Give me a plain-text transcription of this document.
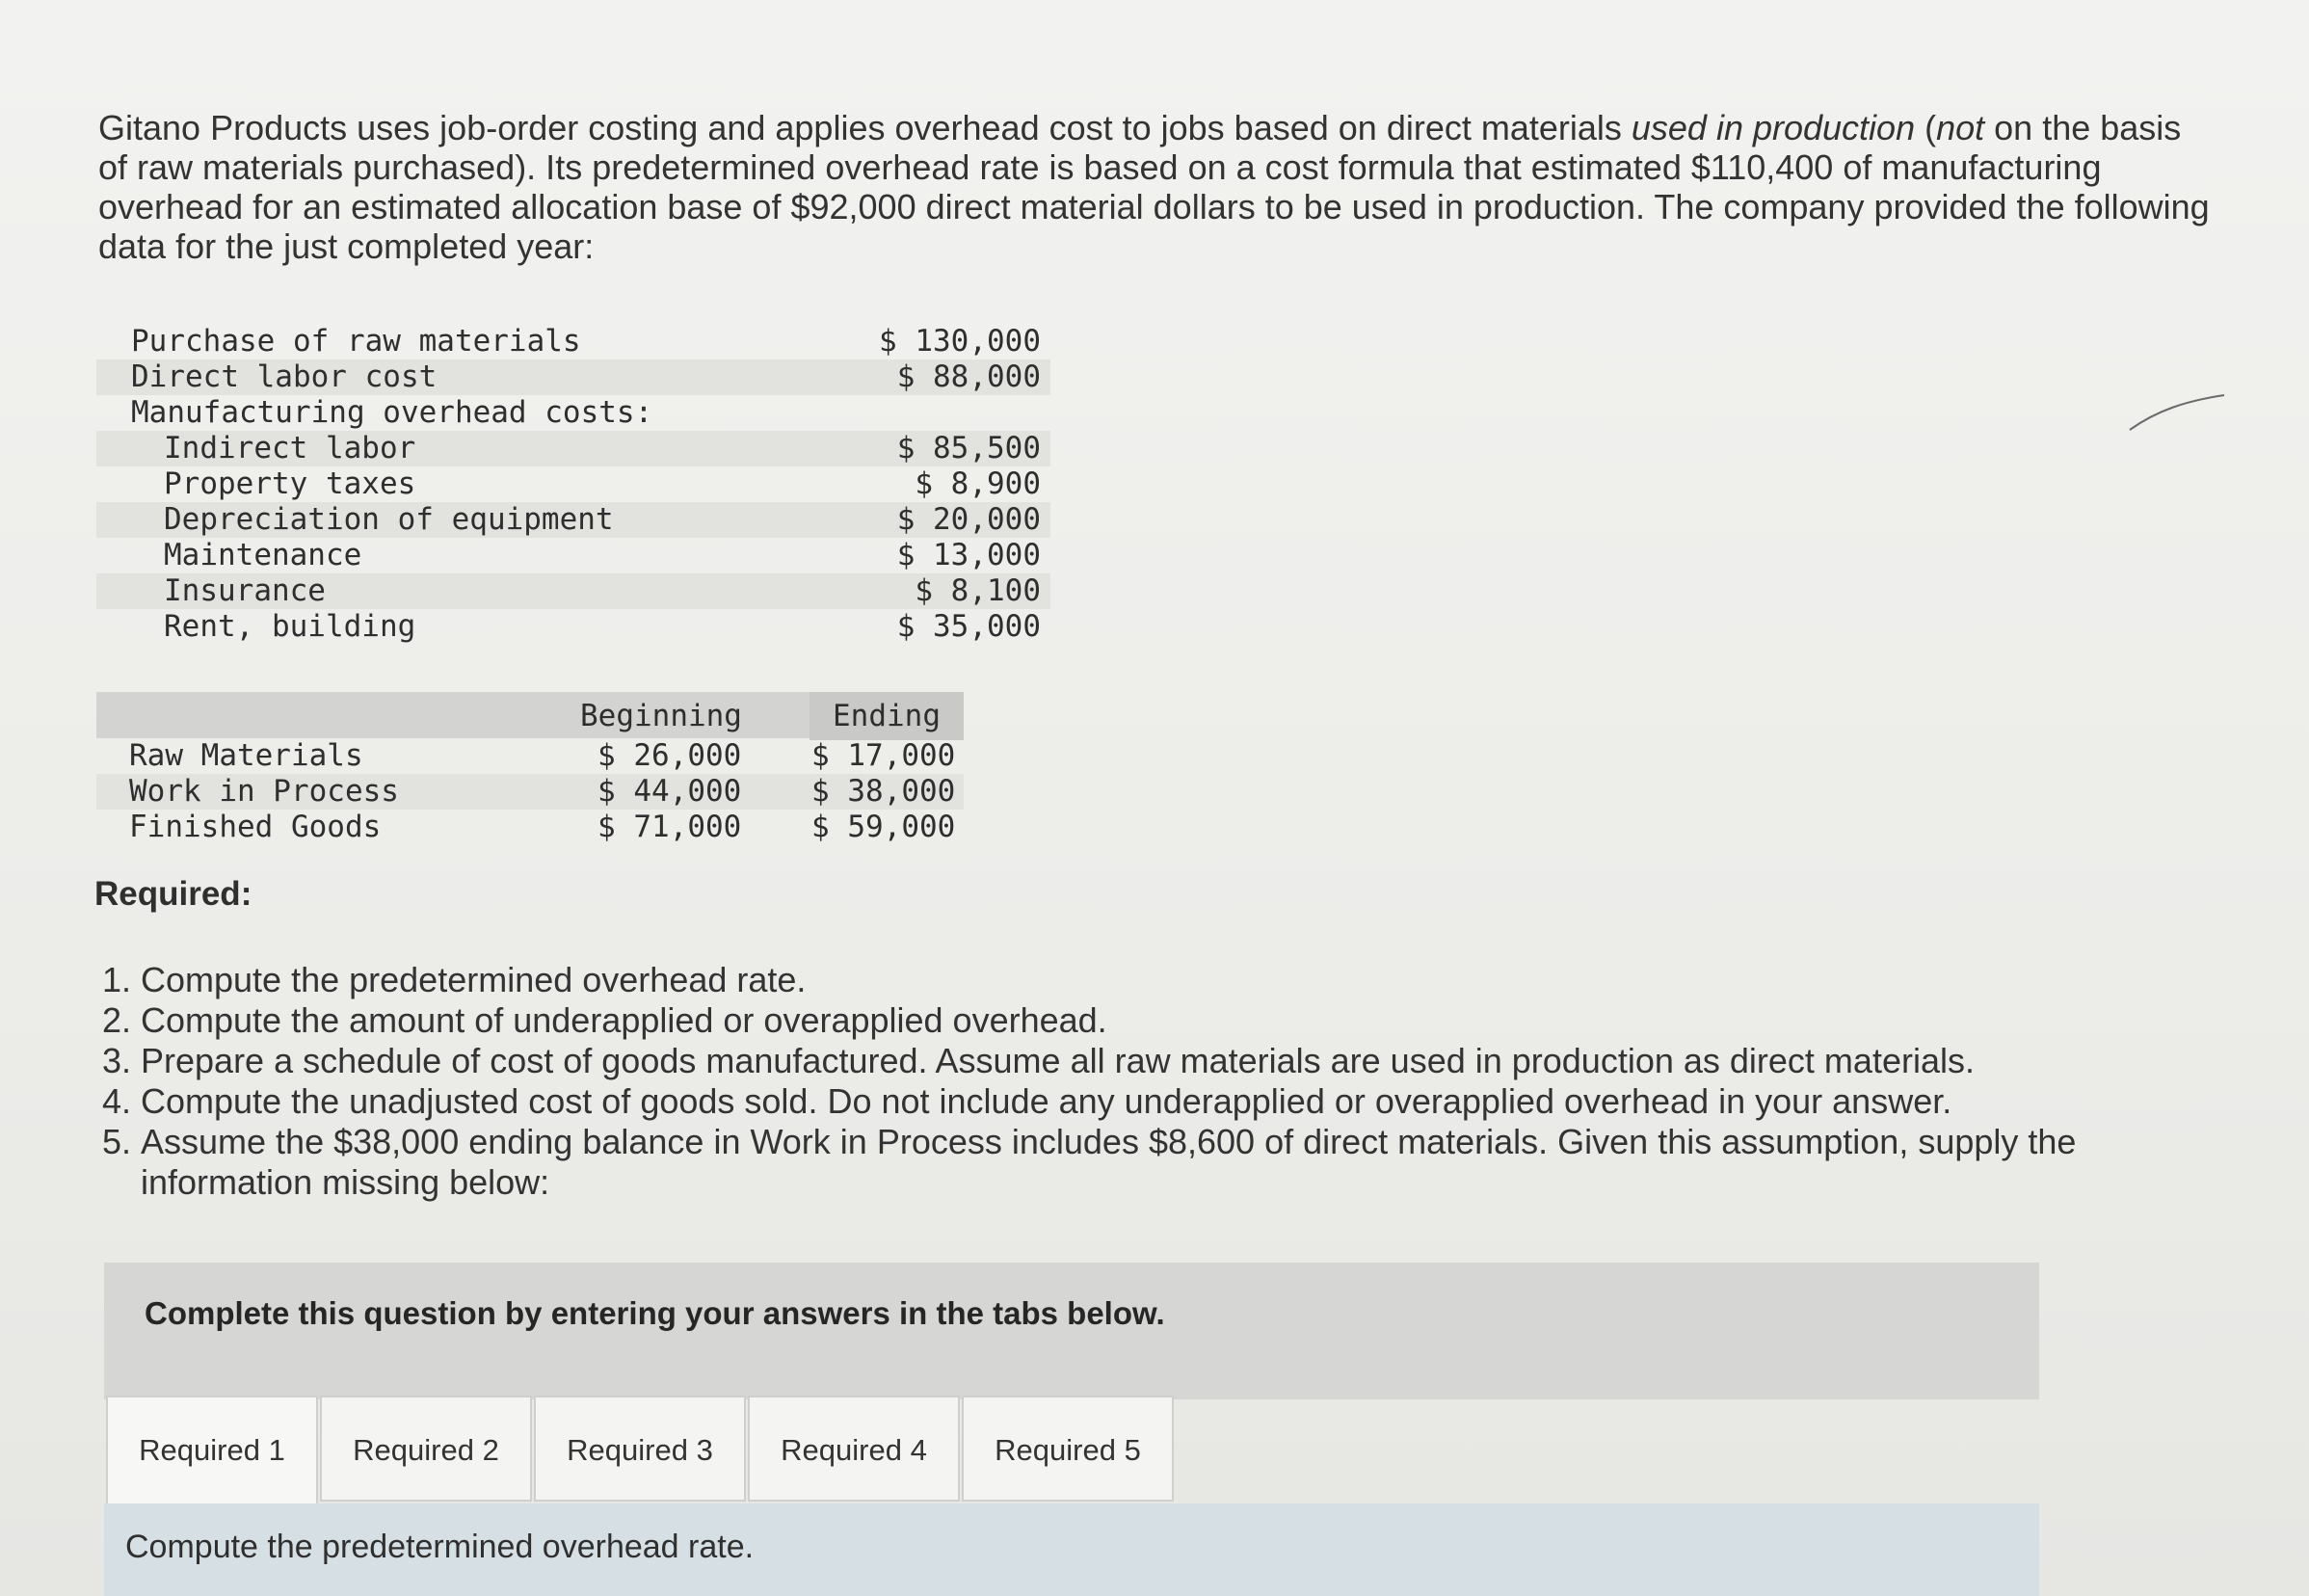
Gitano Products uses job-order costing and applies overhead cost to jobs based on direct materials used in production (not on the basis of raw materials purchased). Its predetermined overhead rate is based on a cost formula that estimated $110,400 of manufacturing overhead for an estimated allocation base of $92,000 direct material dollars to be used in production. The company provided the following data for the just completed year:
Purchase of raw materials	$ 130,000
Direct labor cost	$ 88,000
Manufacturing overhead costs:
Indirect labor	$ 85,500
Property taxes	$ 8,900
Depreciation of equipment	$ 20,000
Maintenance	$ 13,000
Insurance	$ 8,100
Rent, building	$ 35,000
Beginning	Ending
Raw Materials	$ 26,000 $ 17,000
Work in Process	$ 44,000 $ 38,000
Finished Goods	$ 71,000 $ 59,000
Required:
1. Compute the predetermined overhead rate.
2. Compute the amount of underapplied or overapplied overhead.
3. Prepare a schedule of cost of goods manufactured. Assume all raw materials are used in production as direct materials.
4. Compute the unadjusted cost of goods sold. Do not include any underapplied or overapplied overhead in your answer.
5. Assume the $38,000 ending balance in Work in Process includes $8,600 of direct materials. Given this assumption, supply the information missing below:
Complete this question by entering your answers in the tabs below.
Required 1	Required 2	Required 3	Required 4	Required 5
Compute the predetermined overhead rate.
